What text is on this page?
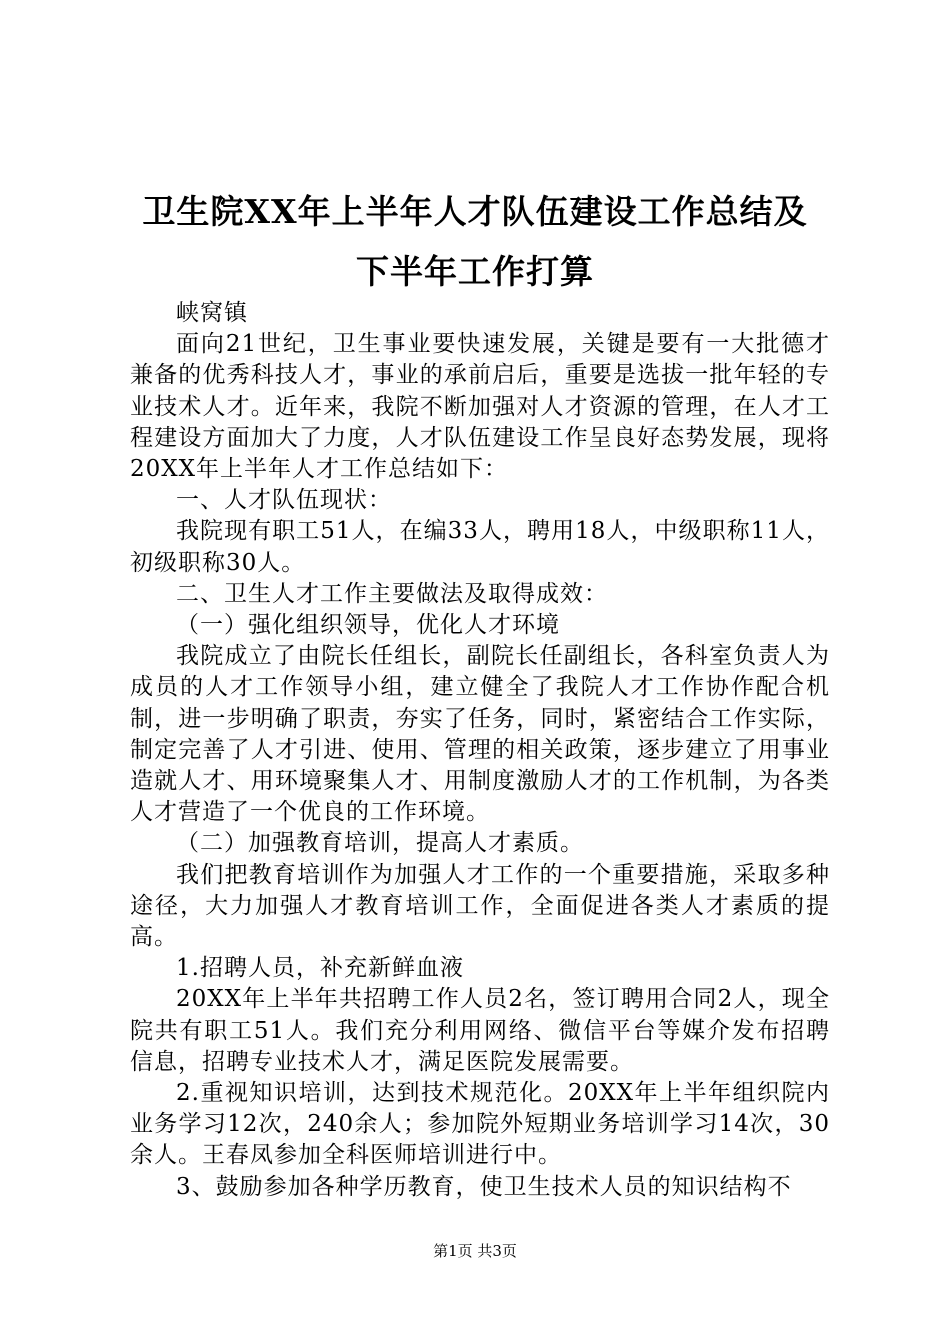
卫生院XX年上半年人才队伍建设工作总结及
下半年工作打算

峡窝镇

面向21世纪，卫生事业要快速发展，关键是要有一大批德才兼备的优秀科技人才，事业的承前启后，重要是选拔一批年轻的专业技术人才。近年来，我院不断加强对人才资源的管理，在人才工程建设方面加大了力度，人才队伍建设工作呈良好态势发展，现将20XX年上半年人才工作总结如下：

一、人才队伍现状：

我院现有职工51人，在编33人，聘用18人，中级职称11人，初级职称30人。

二、卫生人才工作主要做法及取得成效：

（一）强化组织领导，优化人才环境

我院成立了由院长任组长，副院长任副组长，各科室负责人为成员的人才工作领导小组，建立健全了我院人才工作协作配合机制，进一步明确了职责，夯实了任务，同时，紧密结合工作实际，制定完善了人才引进、使用、管理的相关政策，逐步建立了用事业造就人才、用环境聚集人才、用制度激励人才的工作机制，为各类人才营造了一个优良的工作环境。

（二）加强教育培训，提高人才素质。

我们把教育培训作为加强人才工作的一个重要措施，采取多种途径，大力加强人才教育培训工作，全面促进各类人才素质的提高。

1.招聘人员，补充新鲜血液

20XX年上半年共招聘工作人员2名，签订聘用合同2人，现全院共有职工51人。我们充分利用网络、微信平台等媒介发布招聘信息，招聘专业技术人才，满足医院发展需要。

2.重视知识培训，达到技术规范化。20XX年上半年组织院内业务学习12次，240余人；参加院外短期业务培训学习14次，30余人。王春凤参加全科医师培训进行中。

3、鼓励参加各种学历教育，使卫生技术人员的知识结构不

第1页 共3页
